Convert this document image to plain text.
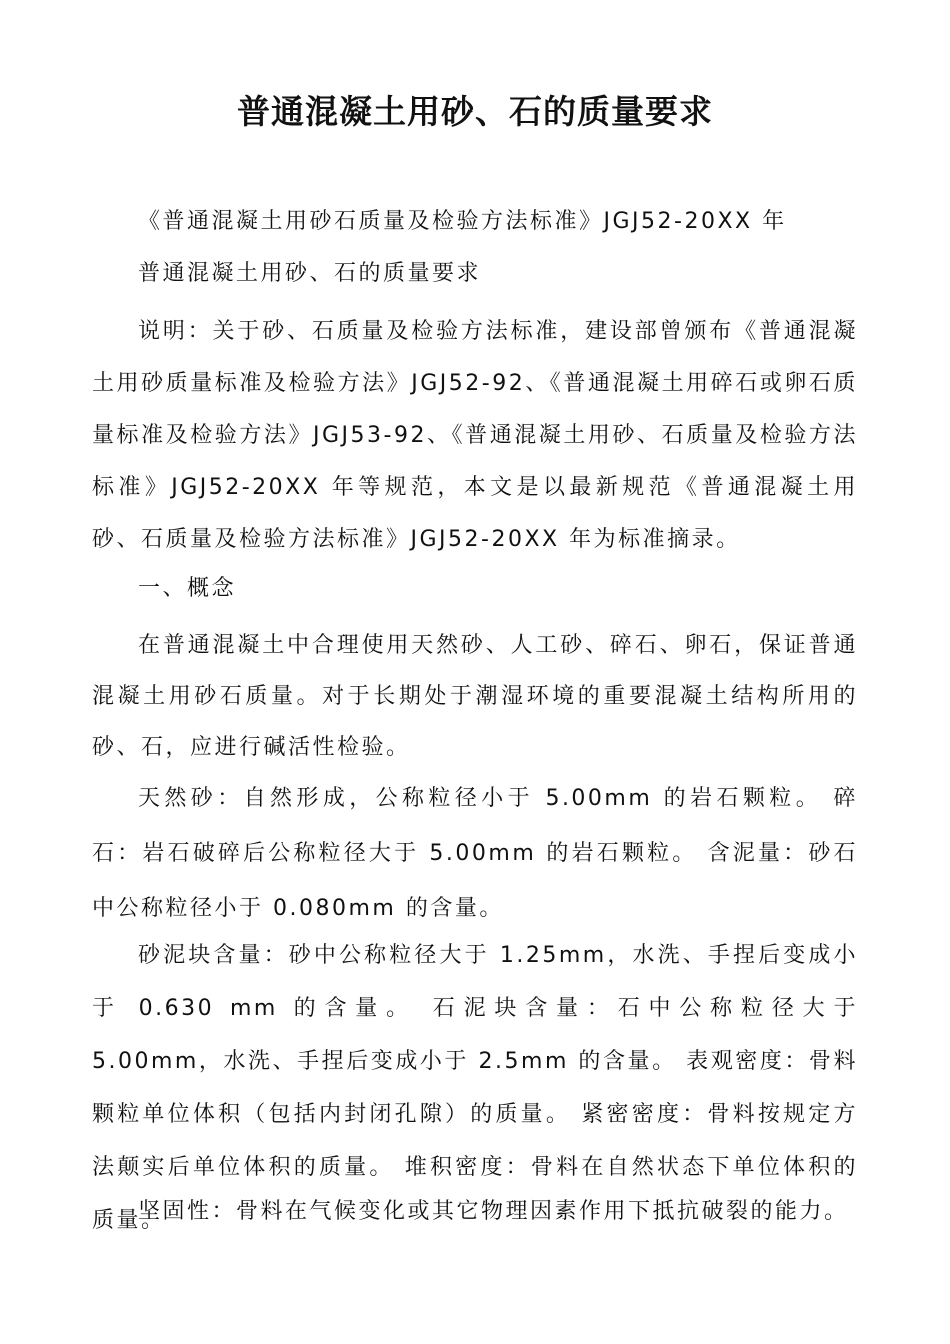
普通混凝土用砂、石的质量要求
《普通混凝土用砂石质量及检验方法标准》JGJ52-20XX 年
普通混凝土用砂、石的质量要求
说明：关于砂、石质量及检验方法标准，建设部曾颁布《普通混凝土用砂质量标准及检验方法》JGJ52-92、《普通混凝土用碎石或卵石质量标准及检验方法》JGJ53-92、《普通混凝土用砂、石质量及检验方法标准》JGJ52-20XX 年等规范，本文是以最新规范《普通混凝土用砂、石质量及检验方法标准》JGJ52-20XX 年为标准摘录。
一、概念
在普通混凝土中合理使用天然砂、人工砂、碎石、卵石，保证普通混凝土用砂石质量。对于长期处于潮湿环境的重要混凝土结构所用的砂、石，应进行碱活性检验。
天然砂：自然形成，公称粒径小于 5.00mm 的岩石颗粒。 碎石：岩石破碎后公称粒径大于 5.00mm 的岩石颗粒。 含泥量：砂石中公称粒径小于 0.080mm 的含量。
砂泥块含量：砂中公称粒径大于 1.25mm，水洗、手捏后变成小于 0.630 mm 的含量。 石泥块含量：石中公称粒径大于 5.00mm，水洗、手捏后变成小于 2.5mm 的含量。 表观密度：骨料颗粒单位体积（包括内封闭孔隙）的质量。 紧密密度：骨料按规定方法颠实后单位体积的质量。 堆积密度：骨料在自然状态下单位体积的质量。
坚固性：骨料在气候变化或其它物理因素作用下抵抗破裂的能力。
